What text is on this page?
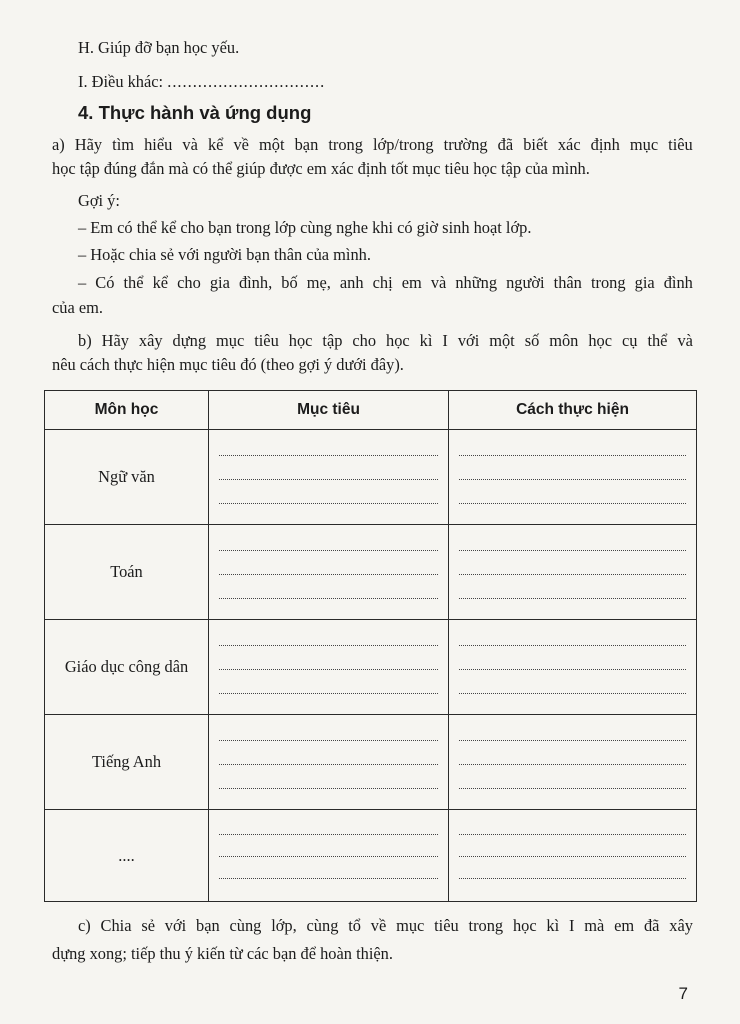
H. Giúp đỡ bạn học yếu.
I. Điều khác: ...............................
4. Thực hành và ứng dụng
a) Hãy tìm hiểu và kể về một bạn trong lớp/trong trường đã biết xác định mục tiêu
học tập đúng đắn mà có thể giúp được em xác định tốt mục tiêu học tập của mình.
Gợi ý:
– Em có thể kể cho bạn trong lớp cùng nghe khi có giờ sinh hoạt lớp.
– Hoặc chia sẻ với người bạn thân của mình.
– Có thể kể cho gia đình, bố mẹ, anh chị em và những người thân trong gia đình
của em.
b) Hãy xây dựng mục tiêu học tập cho học kì I với một số môn học cụ thể và
nêu cách thực hiện mục tiêu đó (theo gợi ý dưới đây).
Môn học	Mục tiêu	Cách thực hiện

Ngữ văn		

Toán		

Giáo dục công dân		

Tiếng Anh		

....		

c) Chia sẻ với bạn cùng lớp, cùng tổ về mục tiêu trong học kì I mà em đã xây
dựng xong; tiếp thu ý kiến từ các bạn để hoàn thiện.
7
